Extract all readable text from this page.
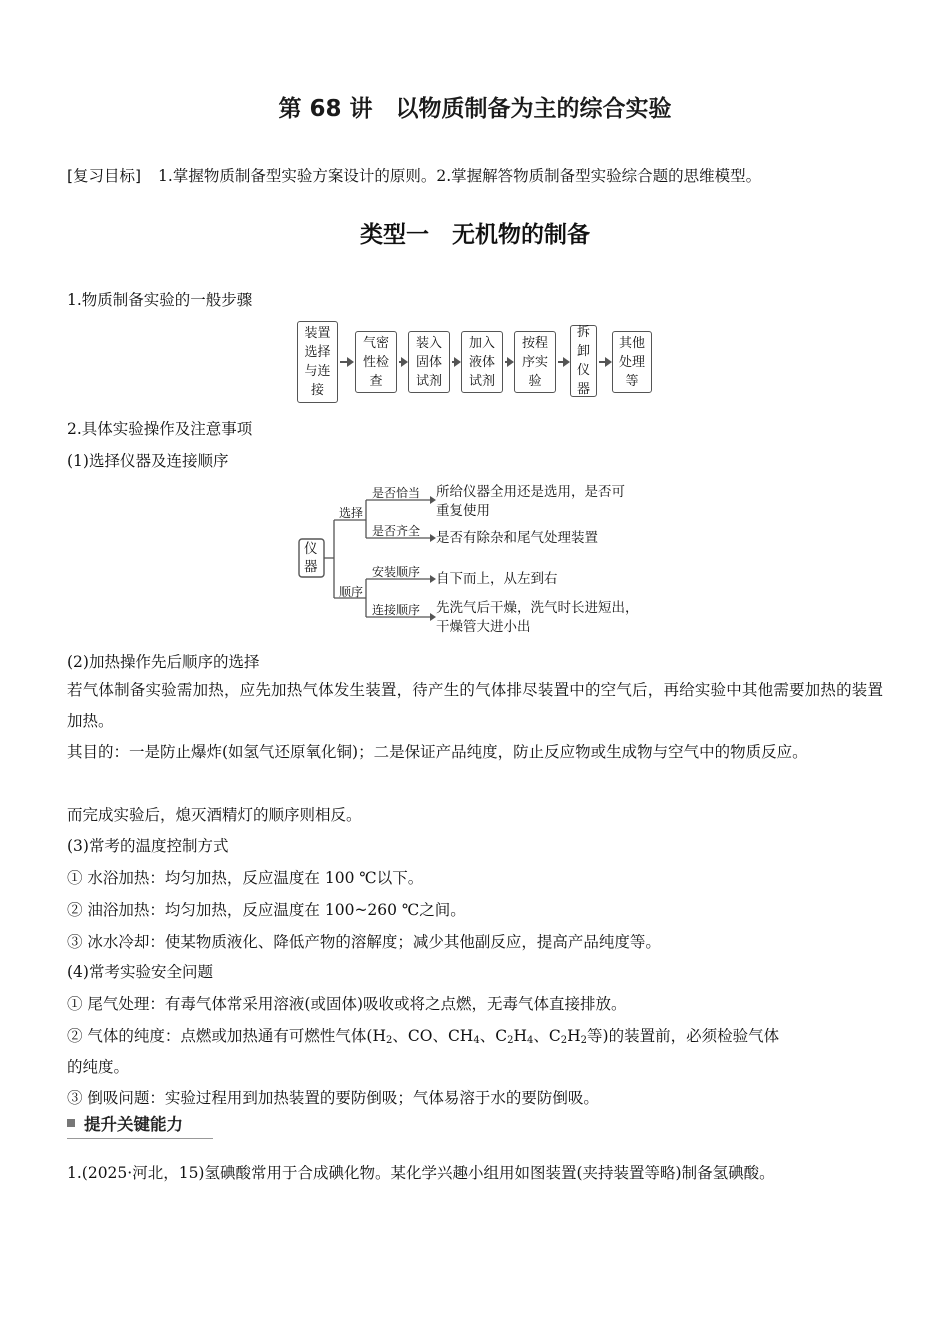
第 68 讲　以物质制备为主的综合实验
[复习目标] 1.掌握物质制备型实验方案设计的原则。2.掌握解答物质制备型实验综合题的思维模型。
类型一　无机物的制备
1.物质制备实验的一般步骤
装置选择与连接
气密性检查
装入固体试剂
加入液体试剂
按程序实验
拆卸仪器
其他处理等
2.具体实验操作及注意事项
(1)选择仪器及连接顺序
仪器
选择
顺序
是否恰当
是否齐全
安装顺序
连接顺序
所给仪器全用还是选用，是否可
重复使用
是否有除杂和尾气处理装置
自下而上，从左到右
先洗气后干燥，洗气时长进短出，
干燥管大进小出
(2)加热操作先后顺序的选择
若气体制备实验需加热，应先加热气体发生装置，待产生的气体排尽装置中的空气后，再给实验中其他需要加热的装置加热。
其目的：一是防止爆炸(如氢气还原氧化铜)；二是保证产品纯度，防止反应物或生成物与空气中的物质反应。
而完成实验后，熄灭酒精灯的顺序则相反。
(3)常考的温度控制方式
① 水浴加热：均匀加热，反应温度在 100 ℃以下。
② 油浴加热：均匀加热，反应温度在 100~260 ℃之间。
③ 冰水冷却：使某物质液化、降低产物的溶解度；减少其他副反应，提高产品纯度等。
(4)常考实验安全问题
① 尾气处理：有毒气体常采用溶液(或固体)吸收或将之点燃，无毒气体直接排放。
② 气体的纯度：点燃或加热通有可燃性气体($H_2$、CO、$CH_4$、$C_2H_4$、$C_2H_2$等)的装置前，必须检验气体
的纯度。
③ 倒吸问题：实验过程用到加热装置的要防倒吸；气体易溶于水的要防倒吸。
提升关键能力
1.(2025·河北，15)氢碘酸常用于合成碘化物。某化学兴趣小组用如图装置(夹持装置等略)制备氢碘酸。
